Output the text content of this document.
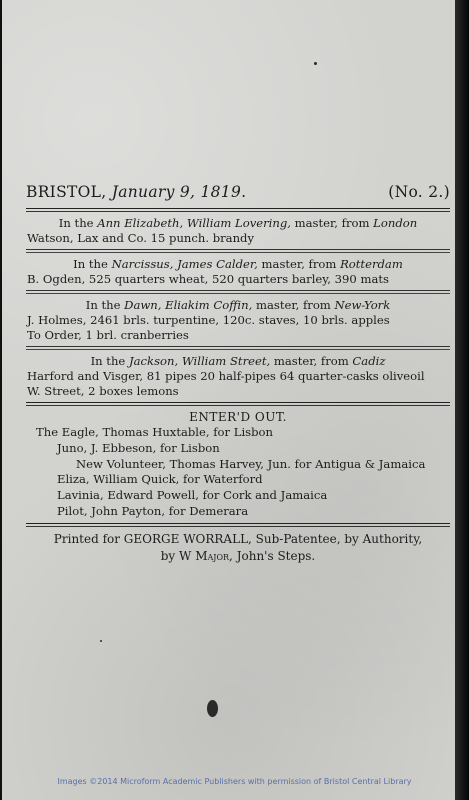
BRISTOL, January 9, 1819.	(No. 2.)
In the Ann Elizabeth, William Lovering, master, from London
Watson, Lax and Co. 15 punch. brandy
In the Narcissus, James Calder, master, from Rotterdam
B. Ogden, 525 quarters wheat, 520 quarters barley, 390 mats
In the Dawn, Eliakim Coffin, master, from New-York
J. Holmes, 2461 brls. turpentine, 120c. staves, 10 brls. apples
To Order, 1 brl. cranberries
In the Jackson, William Street, master, from Cadiz
Harford and Visger, 81 pipes 20 half-pipes 64 quarter-casks oliveoil
W. Street, 2 boxes lemons
ENTER'D OUT.
The Eagle, Thomas Huxtable, for Lisbon
Juno, J. Ebbeson, for Lisbon
New Volunteer, Thomas Harvey, Jun. for Antigua & Jamaica
Eliza, William Quick, for Waterford
Lavinia, Edward Powell, for Cork and Jamaica
Pilot, John Payton, for Demerara
Printed for GEORGE WORRALL, Sub-Patentee, by Authority,
by W Major, John's Steps.
Images ©2014 Microform Academic Publishers with permission of Bristol Central Library
